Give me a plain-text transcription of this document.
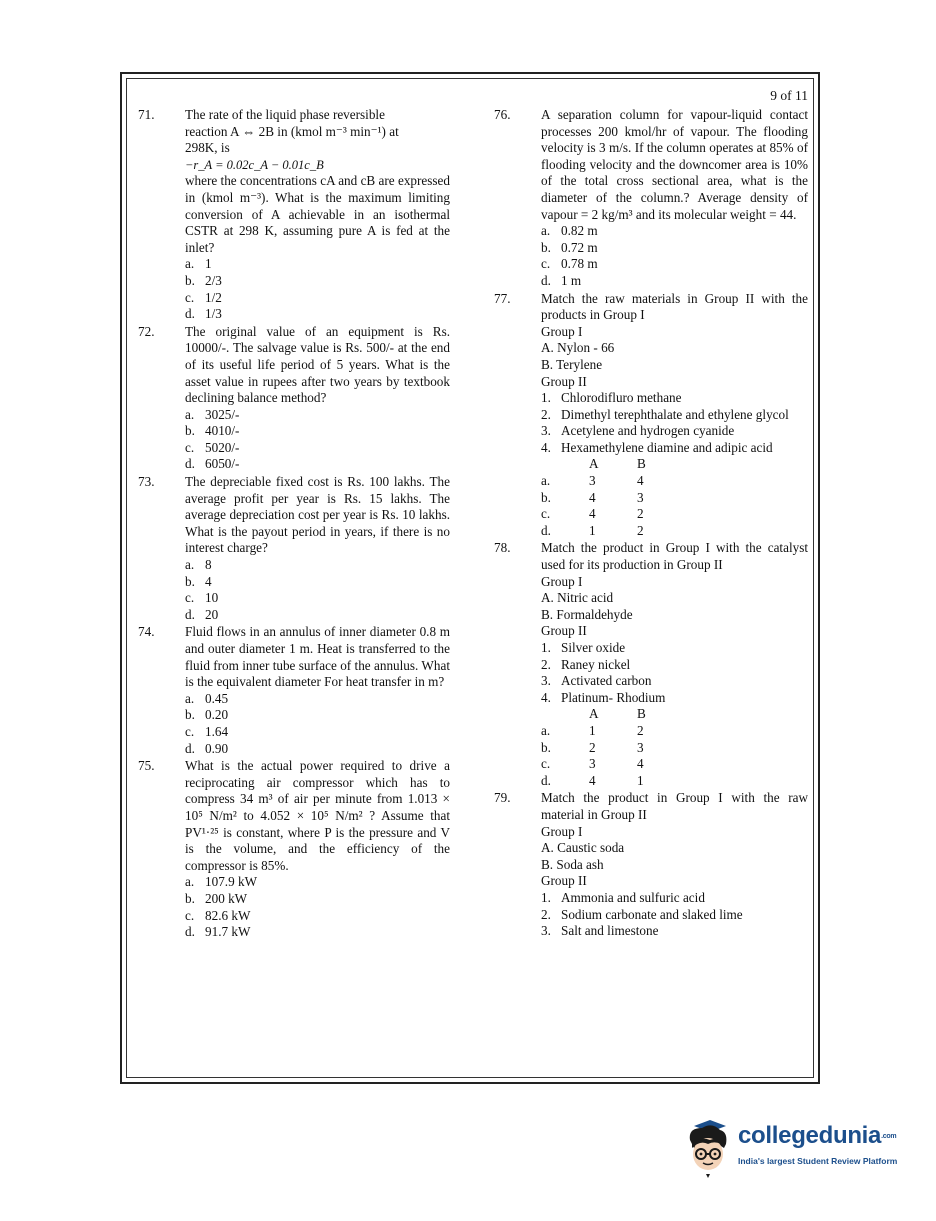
9 of 11
71. The rate of the liquid phase reversible
reaction A ⇔ 2B in (kmol m⁻³ min⁻¹) at
298K, is
−r_A = 0.02c_A − 0.01c_B
where the concentrations cA and cB are expressed in (kmol m⁻³). What is the maximum limiting conversion of A achievable in an isothermal CSTR at 298 K, assuming pure A is fed at the inlet?
a. 1
b. 2/3
c. 1/2
d. 1/3
72. The original value of an equipment is Rs. 10000/-. The salvage value is Rs. 500/- at the end of its useful life period of 5 years. What is the asset value in rupees after two years by textbook declining balance method?
a. 3025/-
b. 4010/-
c. 5020/-
d. 6050/-
73. The depreciable fixed cost is Rs. 100 lakhs. The average profit per year is Rs. 15 lakhs. The average depreciation cost per year is Rs. 10 lakhs. What is the payout period in years, if there is no interest charge?
a. 8
b. 4
c. 10
d. 20
74. Fluid flows in an annulus of inner diameter 0.8 m and outer diameter 1 m. Heat is transferred to the fluid from inner tube surface of the annulus. What is the equivalent diameter For heat transfer in m?
a. 0.45
b. 0.20
c. 1.64
d. 0.90
75. What is the actual power required to drive a reciprocating air compressor which has to compress 34 m³ of air per minute from 1.013 × 10⁵ N/m² to 4.052 × 10⁵ N/m² ? Assume that PV¹·²⁵ is constant, where P is the pressure and V is the volume, and the efficiency of the compressor is 85%.
a. 107.9 kW
b. 200 kW
c. 82.6 kW
d. 91.7 kW
76. A separation column for vapour-liquid contact processes 200 kmol/hr of vapour. The flooding velocity is 3 m/s. If the column operates at 85% of flooding velocity and the downcomer area is 10% of the total cross sectional area, what is the diameter of the column.? Average density of vapour = 2 kg/m³ and its molecular weight = 44.
a. 0.82 m
b. 0.72 m
c. 0.78 m
d. 1 m
77. Match the raw materials in Group II with the products in Group I
Group I
A. Nylon - 66
B. Terylene
Group II
1. Chlorodifluro methane
2. Dimethyl terephthalate and ethylene glycol
3. Acetylene and hydrogen cyanide
4. Hexamethylene diamine and adipic acid
	A	B
a.	3	4
b.	4	3
c.	4	2
d.	1	2
78. Match the product in Group I with the catalyst used for its production in Group II
Group I
A. Nitric acid
B. Formaldehyde
Group II
1. Silver oxide
2. Raney nickel
3. Activated carbon
4. Platinum- Rhodium
	A	B
a.	1	2
b.	2	3
c.	3	4
d.	4	1
79. Match the product in Group I with the raw material in Group II
Group I
A. Caustic soda
B. Soda ash
Group II
1. Ammonia and sulfuric acid
2. Sodium carbonate and slaked lime
3. Salt and limestone
collegedunia.com
India's largest Student Review Platform
